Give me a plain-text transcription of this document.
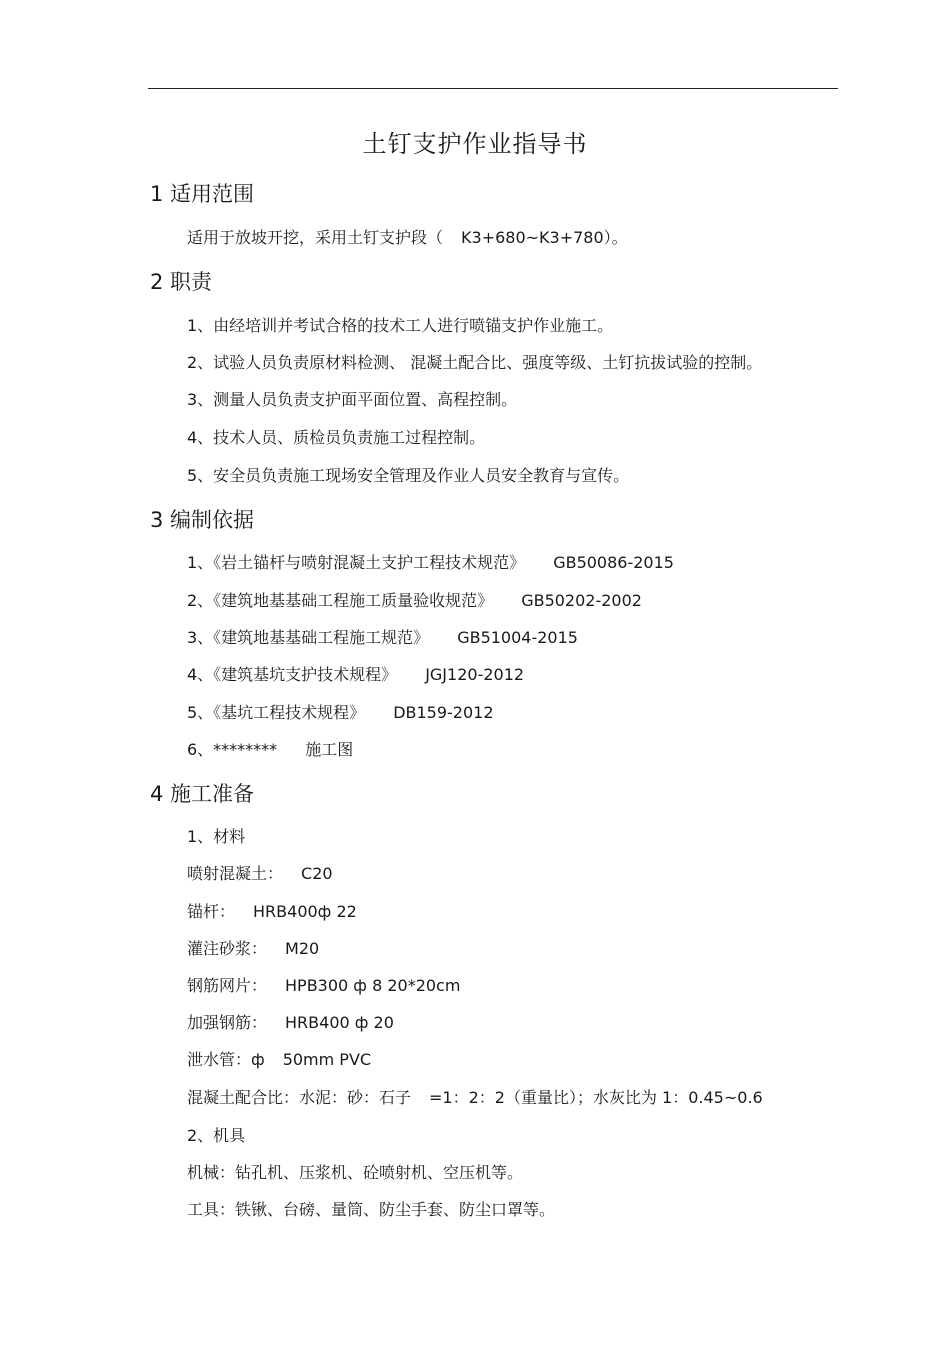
土钉支护作业指导书
1 适用范围
适用于放坡开挖，采用土钉支护段（ K3+680~K3+780）。
2 职责
1、由经培训并考试合格的技术工人进行喷锚支护作业施工。
2、试验人员负责原材料检测、 混凝土配合比、强度等级、土钉抗拔试验的控制。
3、测量人员负责支护面平面位置、高程控制。
4、技术人员、质检员负责施工过程控制。
5、安全员负责施工现场安全管理及作业人员安全教育与宣传。
3 编制依据
1、《岩土锚杆与喷射混凝土支护工程技术规范》 GB50086-2015
2、《建筑地基基础工程施工质量验收规范》 GB50202-2002
3、《建筑地基基础工程施工规范》 GB51004-2015
4、《建筑基坑支护技术规程》 JGJ120-2012
5、《基坑工程技术规程》 DB159-2012
6、******** 施工图
4 施工准备
1、材料
喷射混凝土： C20
锚杆： HRB400ф 22
灌注砂浆： M20
钢筋网片： HPB300 ф 8 20*20cm
加强钢筋： HRB400 ф 20
泄水管：ф 50mm PVC
混凝土配合比：水泥：砂：石子 =1：2：2（重量比）；水灰比为 1：0.45~0.6
2、机具
机械：钻孔机、压浆机、砼喷射机、空压机等。
工具：铁锹、台磅、量筒、防尘手套、防尘口罩等。
